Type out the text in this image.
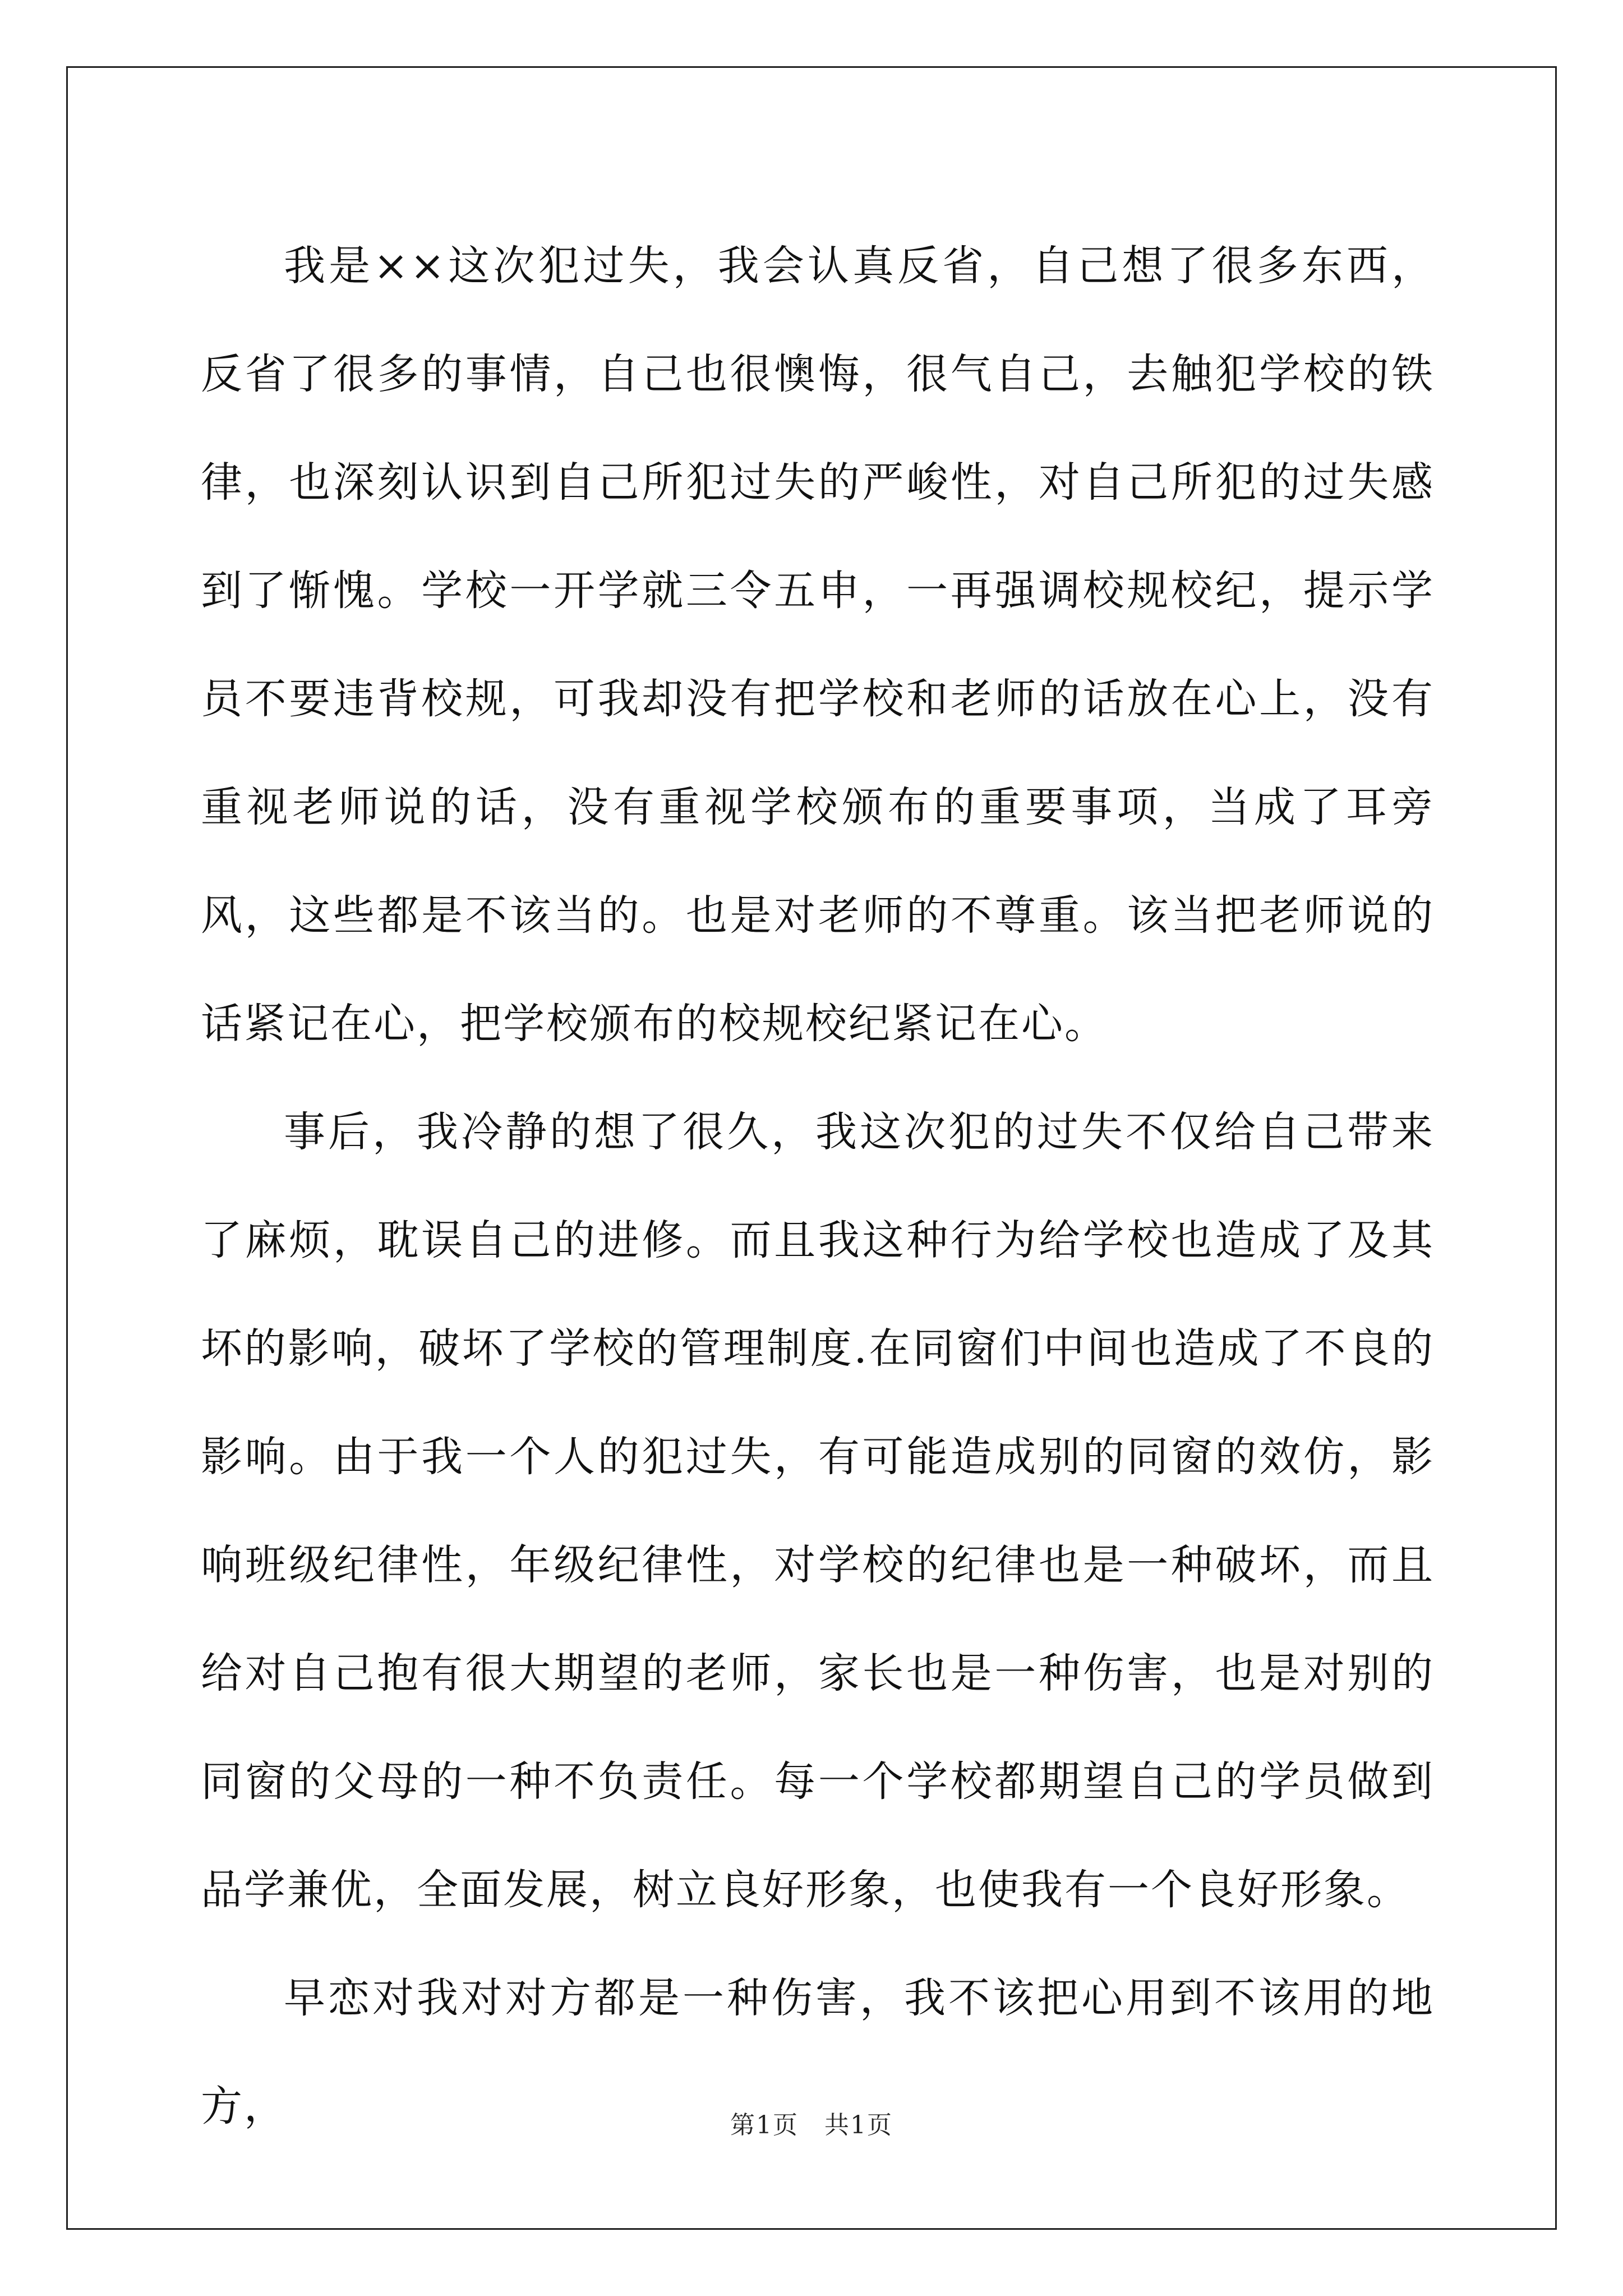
我是××这次犯过失，我会认真反省，自己想了很多东西，反省了很多的事情，自己也很懊悔，很气自己，去触犯学校的铁律，也深刻认识到自己所犯过失的严峻性，对自己所犯的过失感到了惭愧。学校一开学就三令五申，一再强调校规校纪，提示学员不要违背校规，可我却没有把学校和老师的话放在心上，没有重视老师说的话，没有重视学校颁布的重要事项，当成了耳旁风，这些都是不该当的。也是对老师的不尊重。该当把老师说的话紧记在心，把学校颁布的校规校纪紧记在心。

事后，我冷静的想了很久，我这次犯的过失不仅给自己带来了麻烦，耽误自己的进修。而且我这种行为给学校也造成了及其坏的影响，破坏了学校的管理制度.在同窗们中间也造成了不良的影响。由于我一个人的犯过失，有可能造成别的同窗的效仿，影响班级纪律性，年级纪律性，对学校的纪律也是一种破坏，而且给对自己抱有很大期望的老师，家长也是一种伤害，也是对别的同窗的父母的一种不负责任。每一个学校都期望自己的学员做到品学兼优，全面发展，树立良好形象，也使我有一个良好形象。

早恋对我对对方都是一种伤害，我不该把心用到不该用的地方，	第1页　共1页
